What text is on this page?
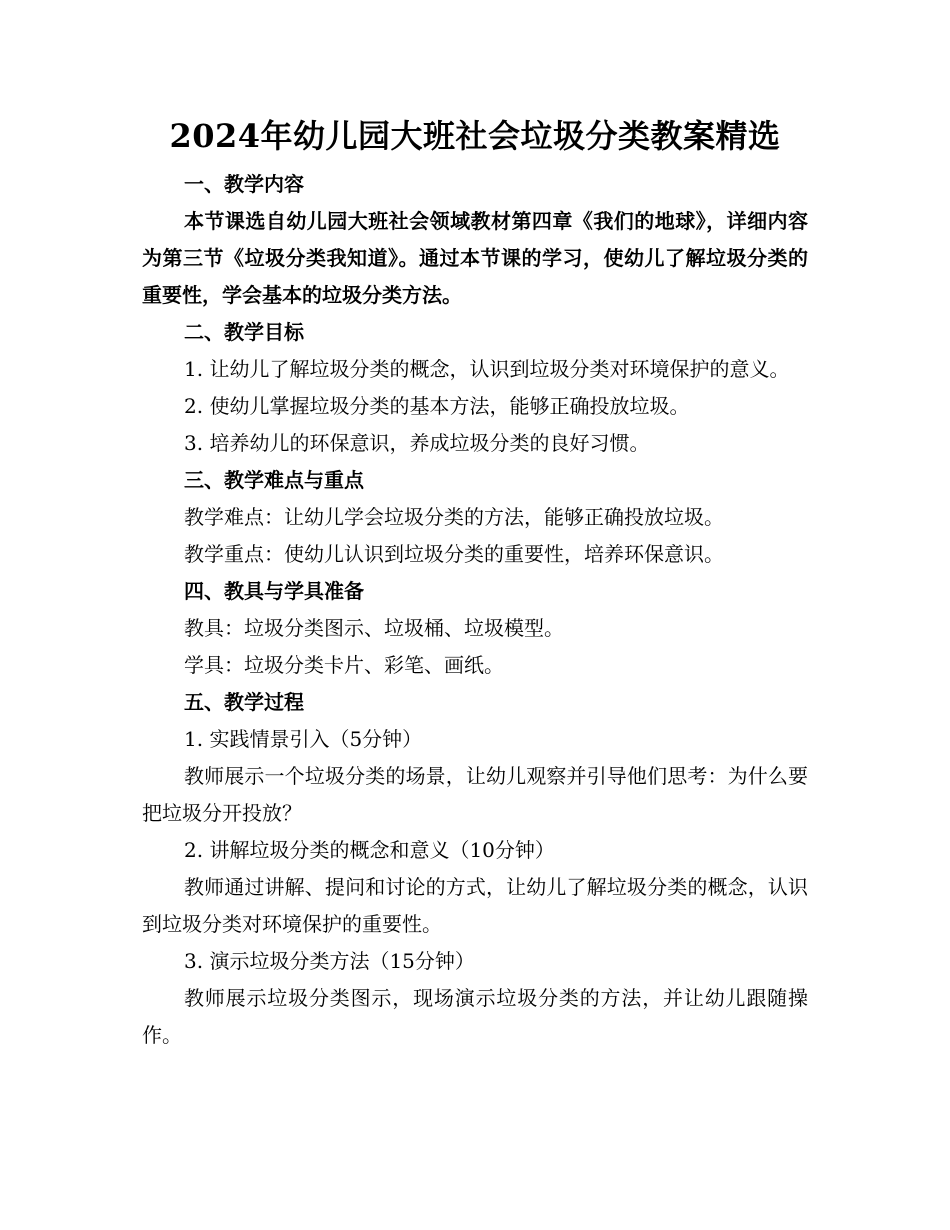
2024年幼儿园大班社会垃圾分类教案精选

一、教学内容

本节课选自幼儿园大班社会领域教材第四章《我们的地球》，详细内容为第三节《垃圾分类我知道》。通过本节课的学习，使幼儿了解垃圾分类的重要性，学会基本的垃圾分类方法。

二、教学目标

1. 让幼儿了解垃圾分类的概念，认识到垃圾分类对环境保护的意义。

2. 使幼儿掌握垃圾分类的基本方法，能够正确投放垃圾。

3. 培养幼儿的环保意识，养成垃圾分类的良好习惯。

三、教学难点与重点

教学难点：让幼儿学会垃圾分类的方法，能够正确投放垃圾。

教学重点：使幼儿认识到垃圾分类的重要性，培养环保意识。

四、教具与学具准备

教具：垃圾分类图示、垃圾桶、垃圾模型。

学具：垃圾分类卡片、彩笔、画纸。

五、教学过程

1. 实践情景引入（5分钟）

教师展示一个垃圾分类的场景，让幼儿观察并引导他们思考：为什么要把垃圾分开投放？

2. 讲解垃圾分类的概念和意义（10分钟）

教师通过讲解、提问和讨论的方式，让幼儿了解垃圾分类的概念，认识到垃圾分类对环境保护的重要性。

3. 演示垃圾分类方法（15分钟）

教师展示垃圾分类图示，现场演示垃圾分类的方法，并让幼儿跟随操作。
